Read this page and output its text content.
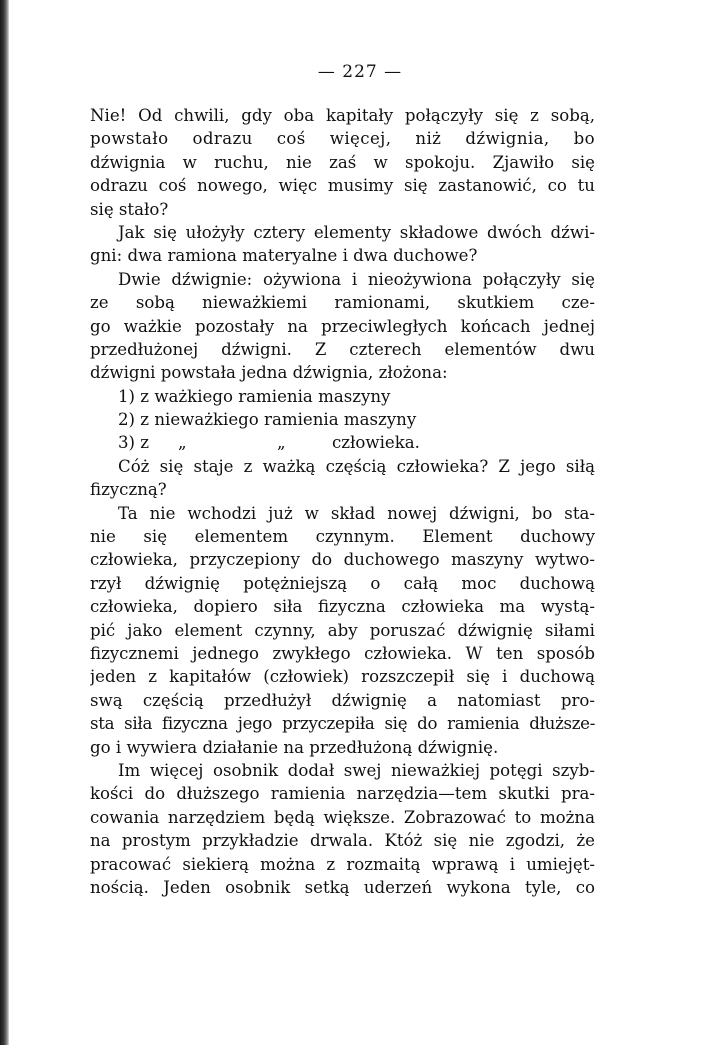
— 227 —
Nie! Od chwili, gdy oba kapitały połączyły się z sobą,
powstało odrazu coś więcej, niż dźwignia, bo
dźwignia w ruchu, nie zaś w spokoju. Zjawiło się
odrazu coś nowego, więc musimy się zastanowić, co tu
się stało?
Jak się ułożyły cztery elementy składowe dwóch dźwi-
gni: dwa ramiona materyalne i dwa duchowe?
Dwie dźwignie: ożywiona i nieożywiona połączyły się
ze sobą nieważkiemi ramionami, skutkiem cze-
go ważkie pozostały na przeciwległych końcach jednej
przedłużonej dźwigni. Z czterech elementów dwu
dźwigni powstała jedna dźwignia, złożona:
1) z ważkiego ramienia maszyny
2) z nieważkiego ramienia maszyny
3) z „	„	człowieka.
Cóż się staje z ważką częścią człowieka? Z jego siłą
fizyczną?
Ta nie wchodzi już w skład nowej dźwigni, bo sta-
nie się elementem czynnym. Element duchowy
człowieka, przyczepiony do duchowego maszyny wytwo-
rzył dźwignię potężniejszą o całą moc duchową
człowieka, dopiero siła fizyczna człowieka ma wystą-
pić jako element czynny, aby poruszać dźwignię siłami
fizycznemi jednego zwykłego człowieka. W ten sposób
jeden z kapitałów (człowiek) rozszczepił się i duchową
swą częścią przedłużył dźwignię a natomiast pro-
sta siła fizyczna jego przyczepiła się do ramienia dłuższe-
go i wywiera działanie na przedłużoną dźwignię.
Im więcej osobnik dodał swej nieważkiej potęgi szyb-
kości do dłuższego ramienia narzędzia—tem skutki pra-
cowania narzędziem będą większe. Zobrazować to można
na prostym przykładzie drwala. Któż się nie zgodzi, że
pracować siekierą można z rozmaitą wprawą i umiejęt-
nością. Jeden osobnik setką uderzeń wykona tyle, co
